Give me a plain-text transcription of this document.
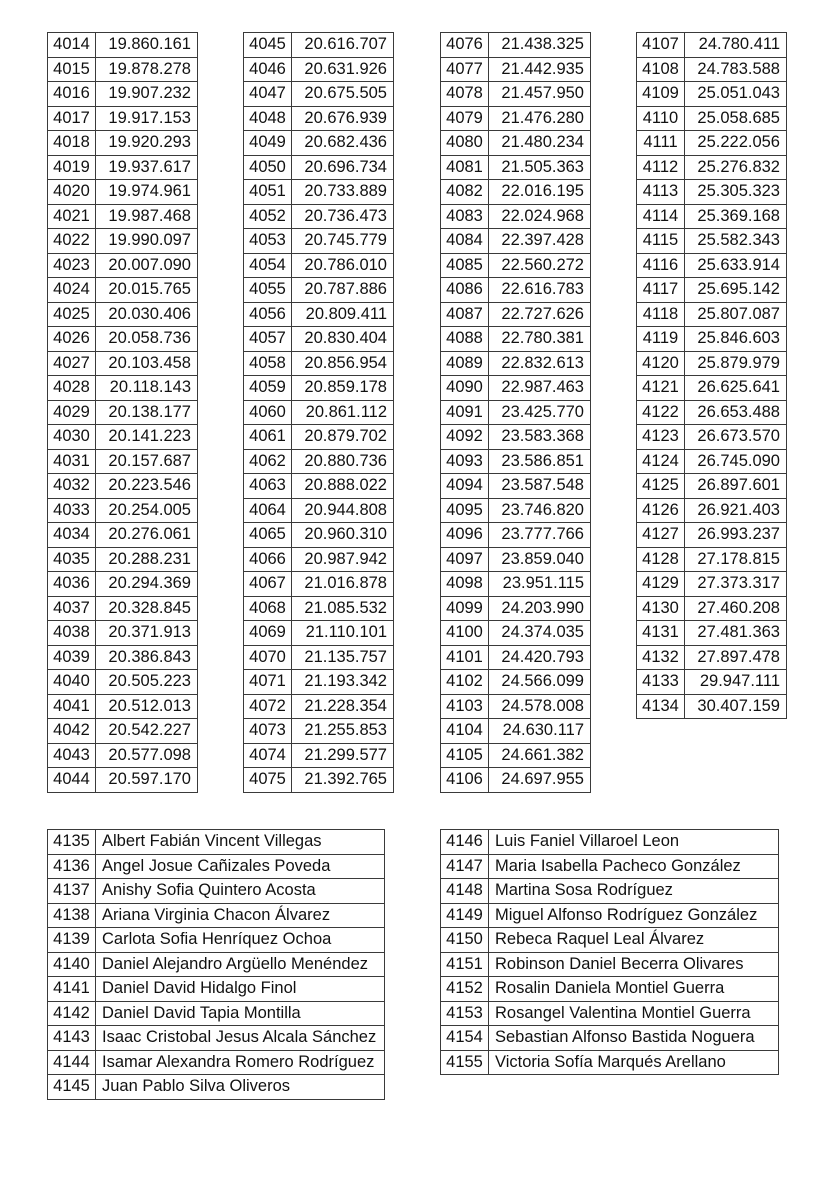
4014	19.860.161
4015	19.878.278
4016	19.907.232
4017	19.917.153
4018	19.920.293
4019	19.937.617
4020	19.974.961
4021	19.987.468
4022	19.990.097
4023	20.007.090
4024	20.015.765
4025	20.030.406
4026	20.058.736
4027	20.103.458
4028	20.118.143
4029	20.138.177
4030	20.141.223
4031	20.157.687
4032	20.223.546
4033	20.254.005
4034	20.276.061
4035	20.288.231
4036	20.294.369
4037	20.328.845
4038	20.371.913
4039	20.386.843
4040	20.505.223
4041	20.512.013
4042	20.542.227
4043	20.577.098
4044	20.597.170
4045	20.616.707
4046	20.631.926
4047	20.675.505
4048	20.676.939
4049	20.682.436
4050	20.696.734
4051	20.733.889
4052	20.736.473
4053	20.745.779
4054	20.786.010
4055	20.787.886
4056	20.809.411
4057	20.830.404
4058	20.856.954
4059	20.859.178
4060	20.861.112
4061	20.879.702
4062	20.880.736
4063	20.888.022
4064	20.944.808
4065	20.960.310
4066	20.987.942
4067	21.016.878
4068	21.085.532
4069	21.110.101
4070	21.135.757
4071	21.193.342
4072	21.228.354
4073	21.255.853
4074	21.299.577
4075	21.392.765
4076	21.438.325
4077	21.442.935
4078	21.457.950
4079	21.476.280
4080	21.480.234
4081	21.505.363
4082	22.016.195
4083	22.024.968
4084	22.397.428
4085	22.560.272
4086	22.616.783
4087	22.727.626
4088	22.780.381
4089	22.832.613
4090	22.987.463
4091	23.425.770
4092	23.583.368
4093	23.586.851
4094	23.587.548
4095	23.746.820
4096	23.777.766
4097	23.859.040
4098	23.951.115
4099	24.203.990
4100	24.374.035
4101	24.420.793
4102	24.566.099
4103	24.578.008
4104	24.630.117
4105	24.661.382
4106	24.697.955
4107	24.780.411
4108	24.783.588
4109	25.051.043
4110	25.058.685
4111	25.222.056
4112	25.276.832
4113	25.305.323
4114	25.369.168
4115	25.582.343
4116	25.633.914
4117	25.695.142
4118	25.807.087
4119	25.846.603
4120	25.879.979
4121	26.625.641
4122	26.653.488
4123	26.673.570
4124	26.745.090
4125	26.897.601
4126	26.921.403
4127	26.993.237
4128	27.178.815
4129	27.373.317
4130	27.460.208
4131	27.481.363
4132	27.897.478
4133	29.947.111
4134	30.407.159
4135	Albert Fabián Vincent Villegas
4136	Angel Josue Cañizales Poveda
4137	Anishy Sofia Quintero Acosta
4138	Ariana Virginia Chacon Álvarez
4139	Carlota Sofia Henríquez Ochoa
4140	Daniel Alejandro Argüello Menéndez
4141	Daniel David Hidalgo Finol
4142	Daniel David Tapia Montilla
4143	Isaac Cristobal Jesus Alcala Sánchez
4144	Isamar Alexandra Romero Rodríguez
4145	Juan Pablo Silva Oliveros
4146	Luis Faniel Villaroel Leon
4147	Maria Isabella Pacheco González
4148	Martina Sosa Rodríguez
4149	Miguel Alfonso Rodríguez González
4150	Rebeca Raquel Leal Álvarez
4151	Robinson Daniel Becerra Olivares
4152	Rosalin Daniela Montiel Guerra
4153	Rosangel Valentina Montiel Guerra
4154	Sebastian Alfonso Bastida Noguera
4155	Victoria Sofía Marqués Arellano
